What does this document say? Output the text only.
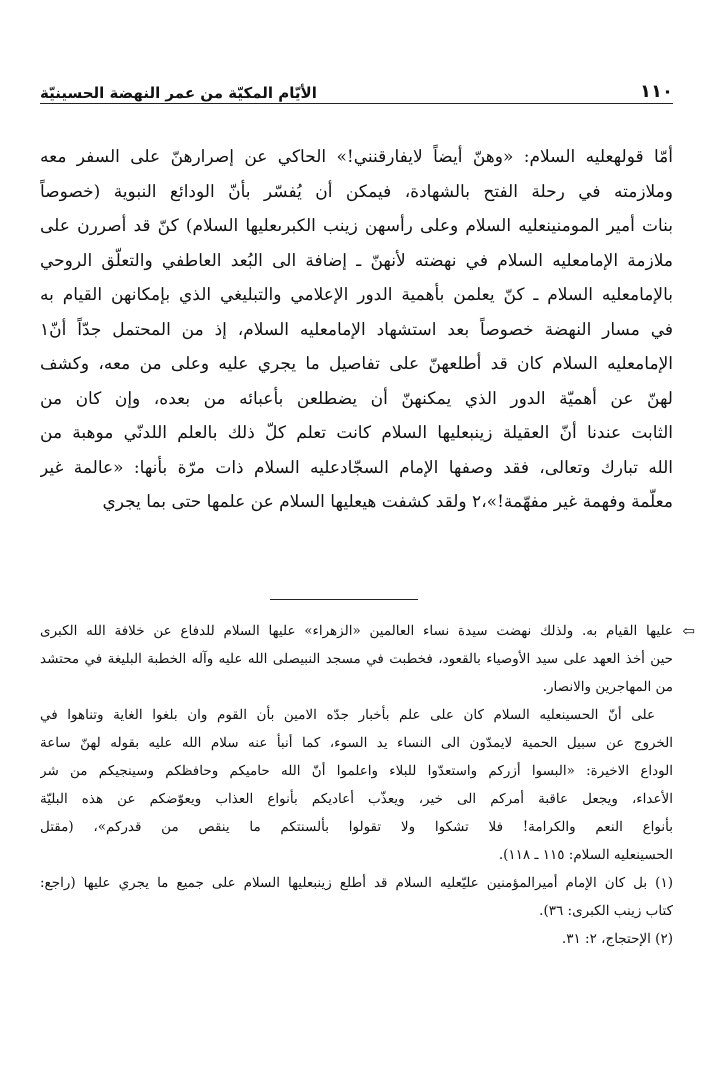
١١٠
الأيّام المكيّة من عمر النهضة الحسينيّة
أمّا قولهعليه السلام: «وهنّ أيضاً لايفارقنني!» الحاكي عن إصرارهنّ على السفر معه
وملازمته في رحلة الفتح بالشهادة، فيمكن أن يُفسّر بأنّ الودائع النبوية (خصوصاً
بنات أمير المومنينعليه السلام وعلى رأسهن زينب الكبرىعليها السلام) كنّ قد أصررن على
ملازمة الإمامعليه السلام في نهضته لأنهنّ ـ إضافة الى البُعد العاطفي والتعلّق الروحي
بالإمامعليه السلام ـ كنّ يعلمن بأهمية الدور الإعلامي والتبليغي الذي بإمكانهن القيام به
في مسار النهضة خصوصاً بعد استشهاد الإمامعليه السلام، إذ من المحتمل جدّاً أنّ١
الإمامعليه السلام كان قد أطلعهنّ على تفاصيل ما يجري عليه وعلى من معه، وكشف
لهنّ عن أهميّة الدور الذي يمكنهنّ أن يضطلعن بأعبائه من بعده، وإن كان من
الثابت عندنا أنّ العقيلة زينبعليها السلام كانت تعلم كلّ ذلك بالعلم اللدنّي موهبة من
الله تبارك وتعالى، فقد وصفها الإمام السجّادعليه السلام ذات مرّة بأنها: «عالمة غير
معلّمة وفهمة غير مفهّمة!»،٢ ولقد كشفت هيعليها السلام عن علمها حتى بما يجري
⇦
عليها القيام به. ولذلك نهضت سيدة نساء العالمين «الزهراء» عليها السلام للدفاع عن خلافة الله الكبرى
حين أخذ العهد على سيد الأوصياء بالقعود، فخطبت في مسجد النبيصلى الله عليه وآله الخطبة البليغة في محتشد
من المهاجرين والانصار.
على أنّ الحسينعليه السلام كان على علم بأخبار جدّه الامين بأن القوم وان بلغوا الغاية وتناهوا في
الخروج عن سبيل الحمية لايمدّون الى النساء يد السوء، كما أنبأ عنه سلام الله عليه بقوله لهنّ ساعة
الوداع الاخيرة: «البسوا أزركم واستعدّوا للبلاء واعلموا أنّ الله حاميكم وحافظكم وسينجيكم من شر
الأعداء، ويجعل عاقبة أمركم الى خير، ويعذّب أعاديكم بأنواع العذاب ويعوّضكم عن هذه البليّة
بأنواع النعم والكرامة! فلا تشكوا ولا تقولوا بألسنتكم ما ينقص من قدركم»، (مقتل
الحسينعليه السلام: ١١٥ ـ ١١٨).
(١) بل كان الإمام أميرالمؤمنين عليّعليه السلام قد أطلع زينبعليها السلام على جميع ما يجري عليها (راجع:
كتاب زينب الكبرى: ٣٦).
(٢) الإحتجاج، ٢: ٣١.
